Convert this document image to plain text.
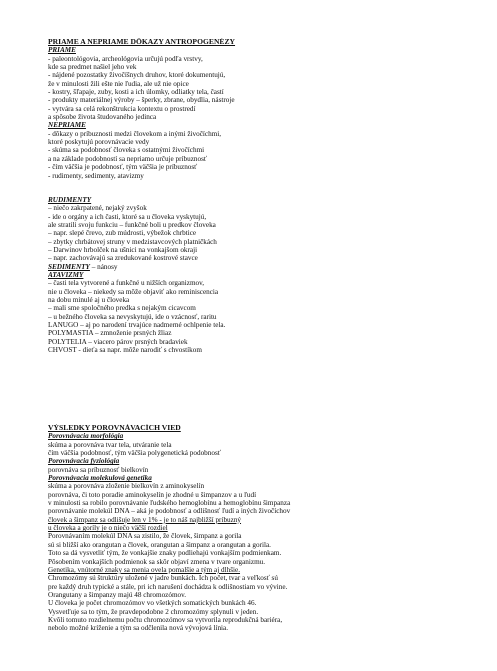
PRIAME A NEPRIAME DÔKAZY ANTROPOGENÉZY
PRIAME
- paleontológovia, archeológovia určujú podľa vrstvy,
kde sa predmet našiel jeho vek
- nájdené pozostatky živočíšnych druhov, ktoré dokumentujú,
že v minulosti žili ešte nie ľudia, ale už nie opice
- kostry, šľapaje, zuby, kosti a ich úlomky, odliatky tela, častí
- produkty materiálnej výroby – šperky, zbrane, obydlia, nástroje
- vytvára sa celá rekonštrukcia kontextu o prostredí
a spôsobe života študovaného jedinca
NEPRIAME
- dôkazy o príbuznosti medzi človekom a inými živočíchmi,
ktoré poskytujú porovnávacie vedy
- skúma sa podobnosť človeka s ostatnými živočíchmi
a na základe podobností sa nepriamo určuje príbuznosť
- čím väčšia je podobnosť, tým väčšia je príbuznosť
- rudimenty, sedimenty, atavizmy
RUDIMENTY
– niečo zakrpatené, nejaký zvyšok
- ide o orgány a ich časti, ktoré sa u človeka vyskytujú,
ale stratili svoju funkciu – funkčné boli u predkov človeka
– napr. slepé črevo, zub múdrosti, výbežok chrbtice
– zbytky chrbátovej struny v medzistavcových platničkách
– Darwinov hrbolček na ušnici na vonkajšom okraji
– napr. zachovávajú sa zredukované kostrové stavce
SEDIMENTY – nánosy
ATAVIZMY
– časti tela vytvorené a funkčné u nižších organizmov,
nie u človeka – niekedy sa môže objaviť ako reminiscencia
na dobu minulé aj u človeka
– mali sme spoločného predka s nejakým cicavcom
– u bežného človeka sa nevyskytujú, ide o vzácnosť, raritu
LANUGO – aj po narodení trvajúce nadmerné ochlpenie tela.
POLYMASTIA – zmnoženie prsných žliaz
POLYTELIA – viacero párov prsných bradaviek
CHVOST - dieťa sa napr. môže narodiť s chvostíkom
VÝSLEDKY POROVNÁVACÍCH VIED
Porovnávacia morfológia
skúma a porovnáva tvar tela, utváranie tela
čím väčšia podobnosť, tým väčšia polygenetická podobnosť
Porovnávacia fyziológia
porovnáva sa príbuznosť bielkovín
Porovnávacia molekulová genetika
skúma a porovnáva zloženie bielkovín z aminokyselín
porovnáva, či toto poradie aminokyselín je zhodné u šimpanzov a u ľudí
v minulosti sa robilo porovnávanie ľudského hemoglobínu a hemoglobínu šimpanza
porovnávanie molekúl DNA – aká je podobnosť a odlišnosť ľudí a iných živočíchov
človek a šimpanz sa odlišuje len v 1% - je to náš najbližší príbuzný
u človeka a goríly je o niečo väčší rozdiel
Porovnávaním molekúl DNA sa zistilo, že človek, šimpanz a gorila
sú si bližší ako orangutan a človek, orangutan a šimpanz a orangutan a gorila.
Toto sa dá vysvetliť tým, že vonkajšie znaky podliehajú vonkajším podmienkam.
Pôsobením vonkajších podmienok sa skôr objaví zmena v tvare organizmu.
Genetika, vnútorné znaky sa menia ovela pomalšie a tým aj dlhšie.
Chromozómy sú štruktúry uložené v jadre bunkách. Ich počet, tvar a veľkosť sú
pre každý druh typické a stále, pri ich narušení dochádza k odlišnostiam vo vývine.
Orangutany a šimpanzy majú 48 chromozómov.
U človeka je počet chromozómov vo všetkých somatických bunkách 46.
Vysvetľuje sa to tým, že pravdepodobne 2 chromozómy splynuli v jeden.
Kvôli tomuto rozdielnemu počtu chromozómov sa vytvorila reprodukčná bariéra,
nebolo možné kríženie a tým sa odčlenila nová vývojová línia.
